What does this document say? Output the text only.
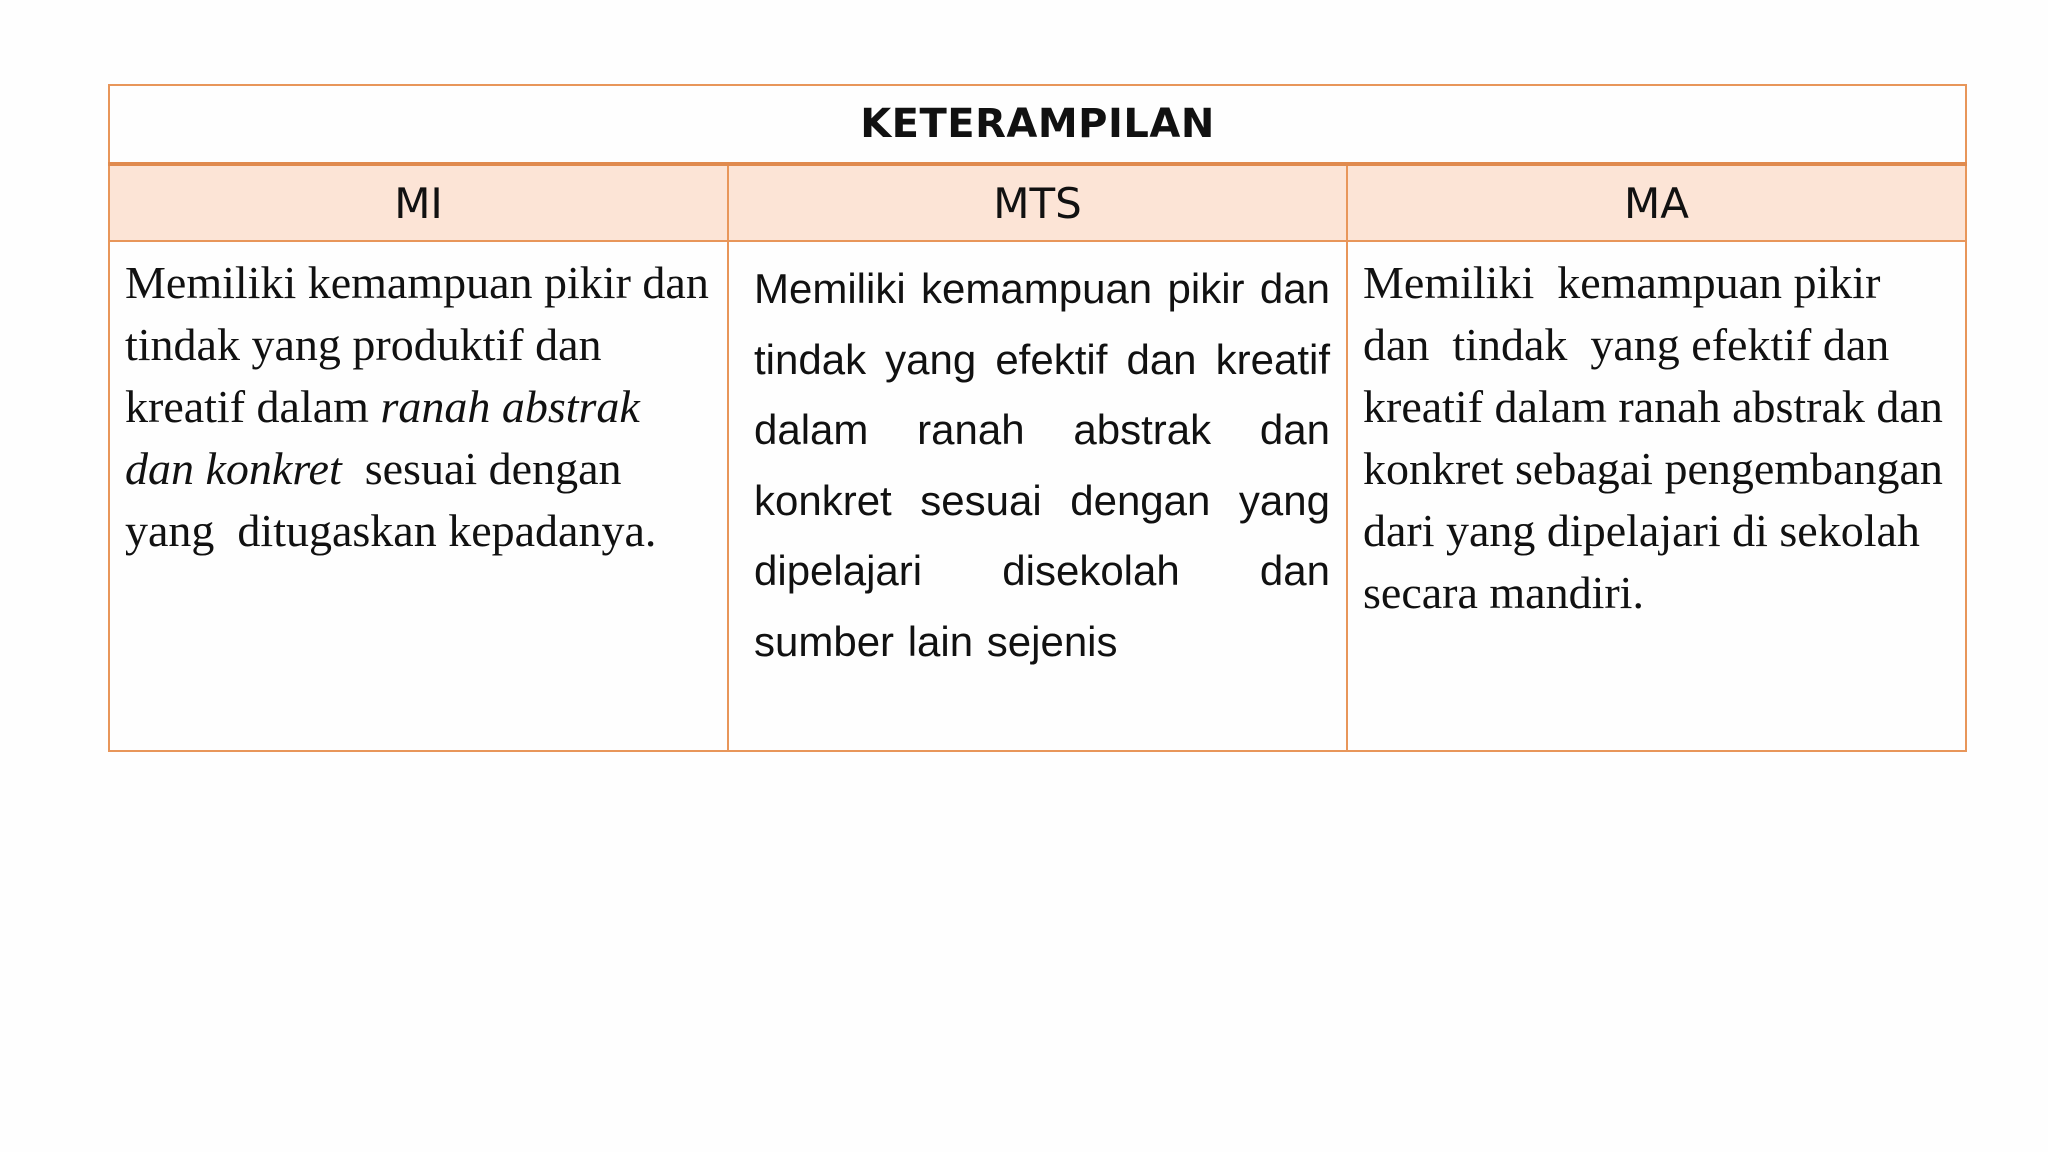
KETERAMPILAN		
MI	MTS	MA

Memiliki kemampuan pikir dan tindak yang produktif dan kreatif dalam ranah abstrak dan konkret  sesuai dengan yang  ditugaskan kepadanya.	Memiliki kemampuan pikir dan tindak yang efektif dan kreatif dalam ranah abstrak dan konkret sesuai dengan yang dipelajari disekolah dan sumber lain sejenis	Memiliki  kemampuan pikir  dan  tindak  yang efektif dan kreatif dalam ranah abstrak dan konkret sebagai pengembangan  dari yang dipelajari di sekolah secara mandiri.
